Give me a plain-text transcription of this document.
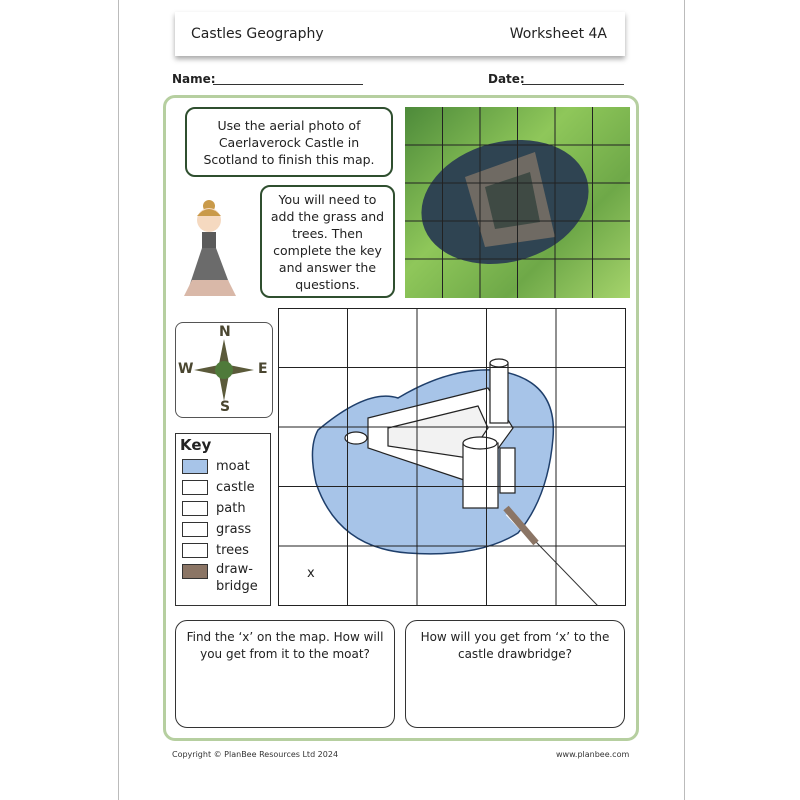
Castles Geography	Worksheet 4A
Name:	Date:
Use the aerial photo of Caerlaverock Castle in Scotland to finish this map.
You will need to add the grass and trees. Then complete the key and answer the questions.
N
E
S
W
Key
moat
castle
path
grass
trees
draw-bridge
x
Find the ‘x’ on the map. How will you get from it to the moat?
How will you get from ‘x’ to the castle drawbridge?
Copyright © PlanBee Resources Ltd 2024	www.planbee.com
